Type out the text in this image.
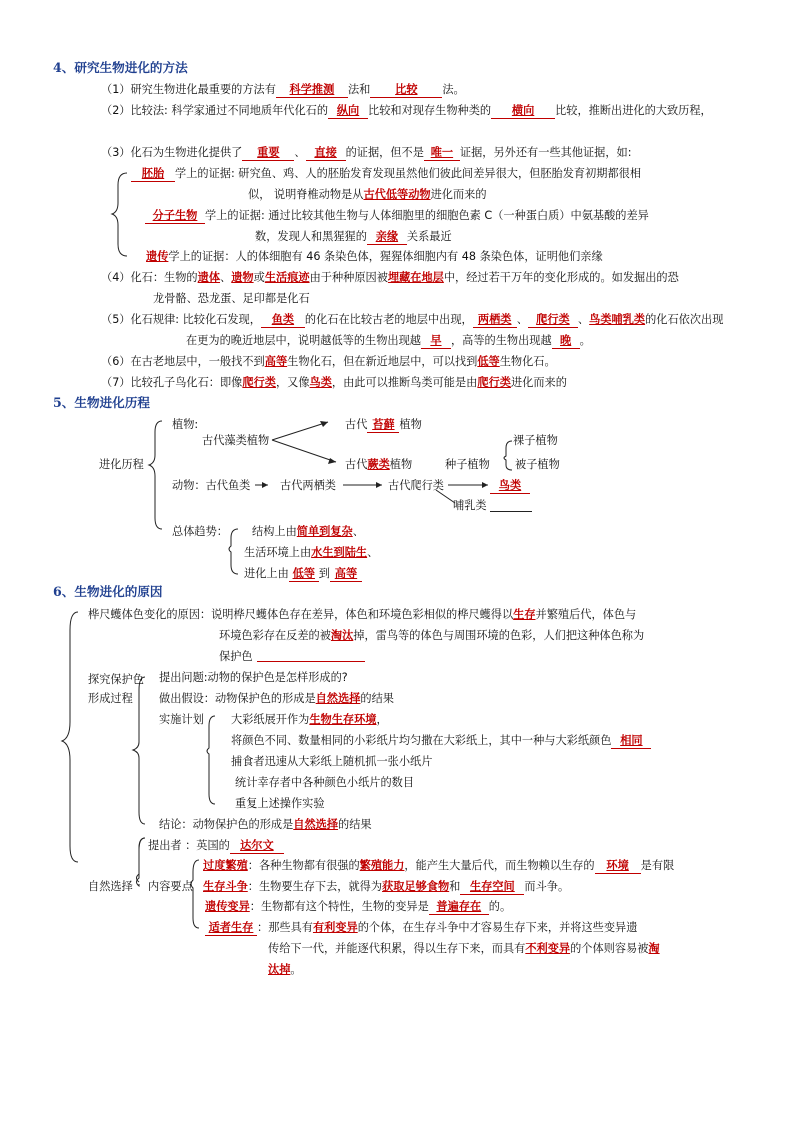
4、研究生物进化的方法
（1）研究生物进化最重要的方法有 科学推测 法和 比较 法。
（2）比较法: 科学家通过不同地质年代化石的 纵向 比较和对现存生物种类的 横向 比较，推断出进化的大致历程，
（3）化石为生物进化提供了 重要 、 直接 的证据，但不是 唯一 证据，另外还有一些其他证据，如:
胚胎 学上的证据: 研究鱼、鸡、人的胚胎发育发现虽然他们彼此间差异很大，但胚胎发育初期都很相
似， 说明脊椎动物是从古代低等动物进化而来的
分子生物 学上的证据: 通过比较其他生物与人体细胞里的细胞色素 C（一种蛋白质）中氨基酸的差异
数，发现人和黑猩猩的 亲缘 关系最近
遗传学上的证据：人的体细胞有 46 条染色体，猩猩体细胞内有 48 条染色体，证明他们亲缘
（4）化石：生物的遗体、遗物或生活痕迹由于种种原因被埋藏在地层中，经过若干万年的变化形成的。如发掘出的恐
龙骨骼、恐龙蛋、足印都是化石
（5）化石规律: 比较化石发现， 鱼类 的化石在比较古老的地层中出现， 两栖类 、 爬行类 、鸟类哺乳类的化石依次出现
在更为的晚近地层中，说明越低等的生物出现越 早 ，高等的生物出现越 晚 。
（6）在古老地层中，一般找不到高等生物化石，但在新近地层中，可以找到低等生物化石。
（7）比较孔子鸟化石：即像爬行类，又像鸟类，由此可以推断鸟类可能是由爬行类进化而来的
5、生物进化历程
进化历程
植物:
古代藻类植物
古代 苔藓 植物
古代蕨类植物	种子植物
裸子植物
被子植物
动物：古代鱼类	古代两栖类	古代爬行类	鸟类
哺乳类
总体趋势： 结构上由简单到复杂、
生活环境上由水生到陆生、
进化上由 低等 到 高等
6、生物进化的原因
桦尺蠖体色变化的原因：说明桦尺蠖体色存在差异，体色和环境色彩相似的桦尺蠖得以生存并繁殖后代，体色与
环境色彩存在反差的被淘汰掉，雷鸟等的体色与周围环境的色彩，人们把这种体色称为
保护色
探究保护色
形成过程
提出问题:动物的保护色是怎样形成的?
做出假设：动物保护色的形成是自然选择的结果
实施计划 大彩纸展开作为生物生存环境，
将颜色不同、数量相同的小彩纸片均匀撒在大彩纸上，其中一种与大彩纸颜色 相同
捕食者迅速从大彩纸上随机抓一张小纸片
统计幸存者中各种颜色小纸片的数目
重复上述操作实验
结论：动物保护色的形成是自然选择的结果
自然选择
提出者 ：英国的 达尔文
内容要点
过度繁殖：各种生物都有很强的繁殖能力，能产生大量后代，而生物赖以生存的 环境 是有限
生存斗争：生物要生存下去，就得为获取足够食物和 生存空间 而斗争。
遗传变异：生物都有这个特性，生物的变异是 普遍存在 的。
适者生存 ：那些具有有利变异的个体，在生存斗争中才容易生存下来，并将这些变异遗
传给下一代，并能逐代积累，得以生存下来，而具有不利变异的个体则容易被淘
汰掉。
